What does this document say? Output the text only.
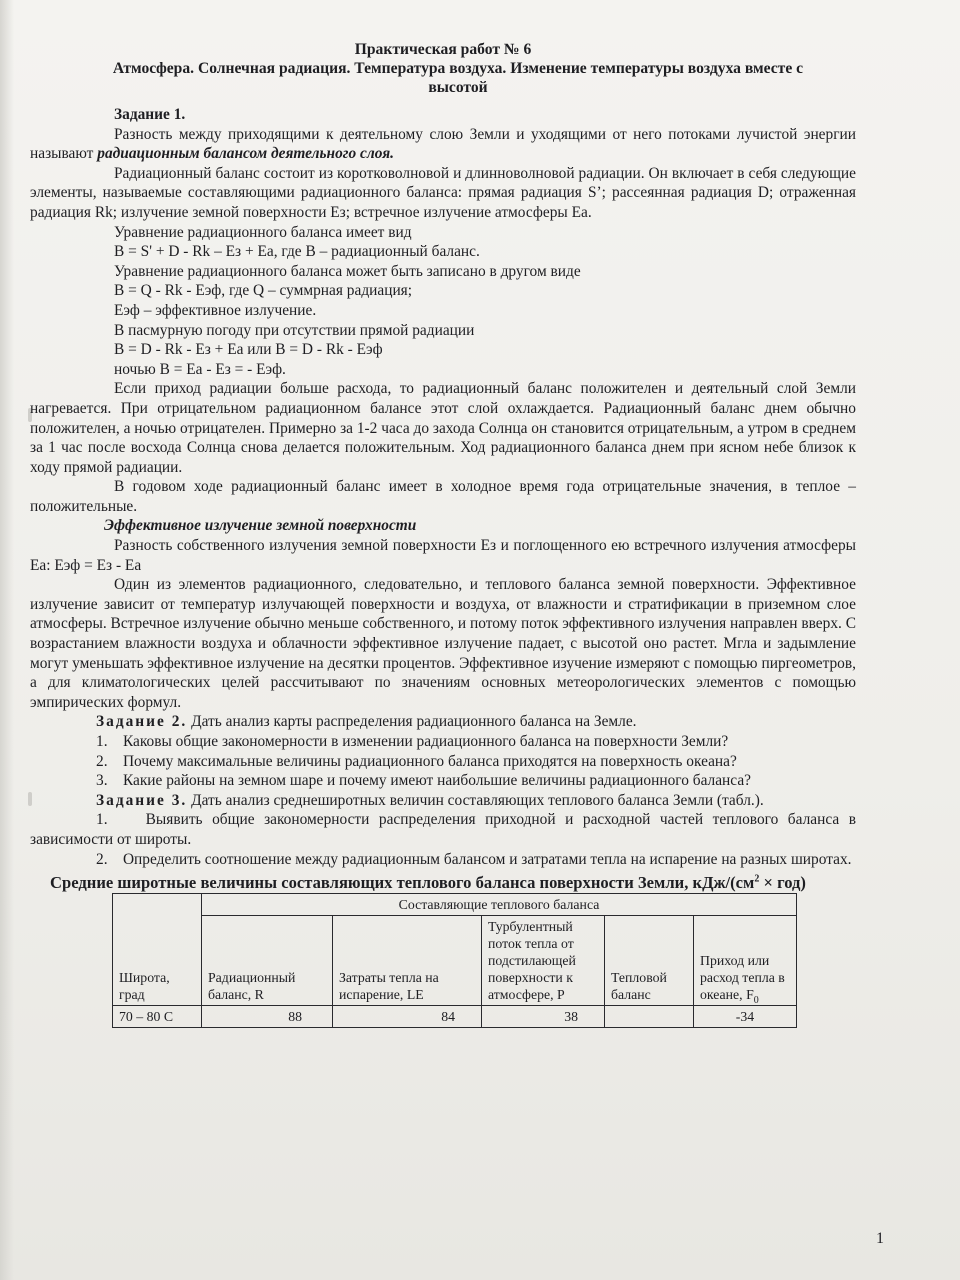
Практическая работ № 6
Атмосфера. Солнечная радиация. Температура воздуха. Изменение температуры воздуха вместе с высотой

Задание 1.

Разность между приходящими к деятельному слою Земли и уходящими от него потоками лучистой энергии называют радиационным балансом деятельного слоя.

Радиационный баланс состоит из коротковолновой и длинноволновой радиации. Он включает в себя следующие элементы, называемые составляющими радиационного баланса: прямая радиация S’; рассеянная радиация D; отраженная радиация Rk; излучение земной поверхности Ез; встречное излучение атмосферы Еа.

Уравнение радиационного баланса имеет вид
B = S' + D - Rk – Ез + Еа, где В – радиационный баланс.
Уравнение радиационного баланса может быть записано в другом виде
B = Q - Rk - Еэф, где Q – суммрная радиация;
Еэф – эффективное излучение.
В пасмурную погоду при отсутствии прямой радиации
B = D - Rk - Ез + Еа или B = D - Rk - Еэф
ночью B = Еа - Ез = - Еэф.

Если приход радиации больше расхода, то радиационный баланс положителен и деятельный слой Земли нагревается. При отрицательном радиационном балансе этот слой охлаждается. Радиационный баланс днем обычно положителен, а ночью отрицателен. Примерно за 1-2 часа до захода Солнца он становится отрицательным, а утром в среднем за 1 час после восхода Солнца снова делается положительным. Ход радиационного баланса днем при ясном небе близок к ходу прямой радиации.

В годовом ходе радиационный баланс имеет в холодное время года отрицательные значения, в теплое – положительные.

Эффективное излучение земной поверхности

Разность собственного излучения земной поверхности Ез и поглощенного ею встречного излучения атмосферы Еа: Еэф = Ез - Еа

Один из элементов радиационного, следовательно, и теплового баланса земной поверхности. Эффективное излучение зависит от температур излучающей поверхности и воздуха, от влажности и стратификации в приземном слое атмосферы. Встречное излучение обычно меньше собственного, и потому поток эффективного излучения направлен вверх. С возрастанием влажности воздуха и облачности эффективное излучение падает, с высотой оно растет. Мгла и задымление могут уменьшать эффективное излучение на десятки процентов. Эффективное изучение измеряют с помощью пиргеометров, а для климатологических целей рассчитывают по значениям основных метеорологических элементов с помощью эмпирических формул.

Задание 2. Дать анализ карты распределения радиационного баланса на Земле.

1. Каковы общие закономерности в изменении радиационного баланса на поверхности Земли?

2. Почему максимальные величины радиационного баланса приходятся на поверхность океана?

3. Какие районы на земном шаре и почему имеют наибольшие величины радиационного баланса?

Задание 3. Дать анализ среднеширотных величин составляющих теплового баланса Земли (табл.).

1. Выявить общие закономерности распределения приходной и расходной частей теплового баланса в зависимости от широты.

2. Определить соотношение между радиационным балансом и затратами тепла на испарение на разных широтах.

Средние широтные величины составляющих теплового баланса поверхности Земли, кДж/$(см^2 \times год)$
Широта, град	Составляющие теплового баланса				
	Радиационный баланс, R	Затраты тепла на испарение, LE	Турбулентный поток тепла от подстилающей поверхности к атмосфере, P	Тепловой баланс	Приход или расход тепла в океане, $F_0$
70 – 80 С	88	84	38		-34
1
